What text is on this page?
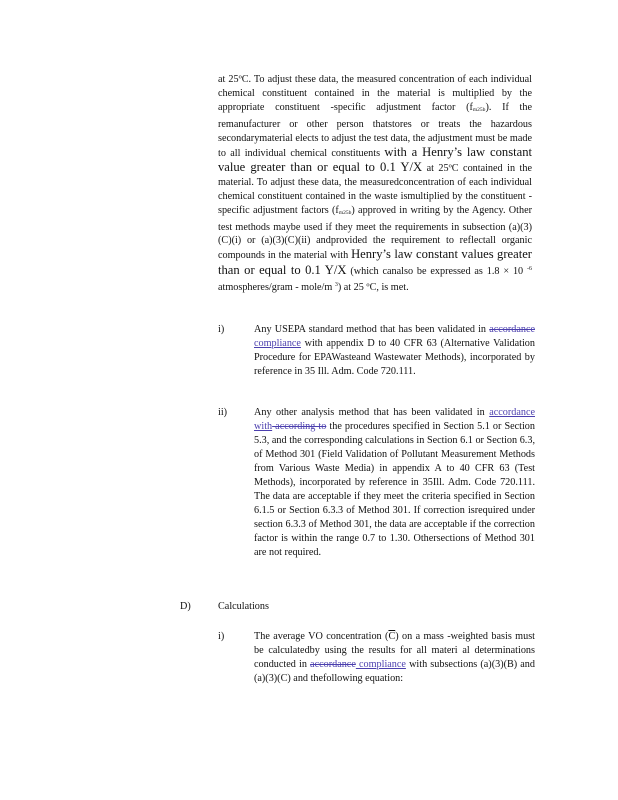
at 25ºC. To adjust these data, the measured concentration of each individual chemical constituent contained in the material is multiplied by the appropriate constituent -specific adjustment factor (fm25b). If the remanufacturer or other person thatstores or treats the hazardous secondarymaterial elects to adjust the test data, the adjustment must be made to all individual chemical constituents with a Henry’s law constant value greater than or equal to 0.1 Y/X at 25ºC contained in the material. To adjust these data, the measuredconcentration of each individual chemical constituent contained in the waste ismultiplied by the constituent -specific adjustment factors (fm25b) approved in writing by the Agency. Other test methods maybe used if they meet the requirements in subsection (a)(3)(C)(i) or (a)(3)(C)(ii) andprovided the requirement to reflectall organic compounds in the material with Henry’s law constant values greater than or equal to 0.1 Y/X (which canalso be expressed as 1.8 × 10 $^{-6}$ atmospheres/gram - mole/m $^3$) at 25 ºC, is met.
i)	Any USEPA standard method that has been validated in accordance compliance with appendix D to 40 CFR 63 (Alternative Validation Procedure for EPAWasteand Wastewater Methods), incorporated by reference in 35 Ill. Adm. Code 720.111.
ii)	Any other analysis method that has been validated in accordance with according to the procedures specified in Section 5.1 or Section 5.3, and the corresponding calculations in Section 6.1 or Section 6.3, of Method 301 (Field Validation of Pollutant Measurement Methods from Various Waste Media) in appendix A to 40 CFR 63 (Test Methods), incorporated by reference in 35Ill. Adm. Code 720.111. The data are acceptable if they meet the criteria specified in Section 6.1.5 or Section 6.3.3 of Method 301. If correction isrequired under section 6.3.3 of Method 301, the data are acceptable if the correction factor is within the range 0.7 to 1.30. Othersections of Method 301 are not required.
D)	Calculations
i)	The average VO concentration $(\overline{C})$ on a mass -weighted basis must be calculatedby using the results for all materi al determinations conducted in accordance compliance with subsections (a)(3)(B) and (a)(3)(C) and thefollowing equation:
